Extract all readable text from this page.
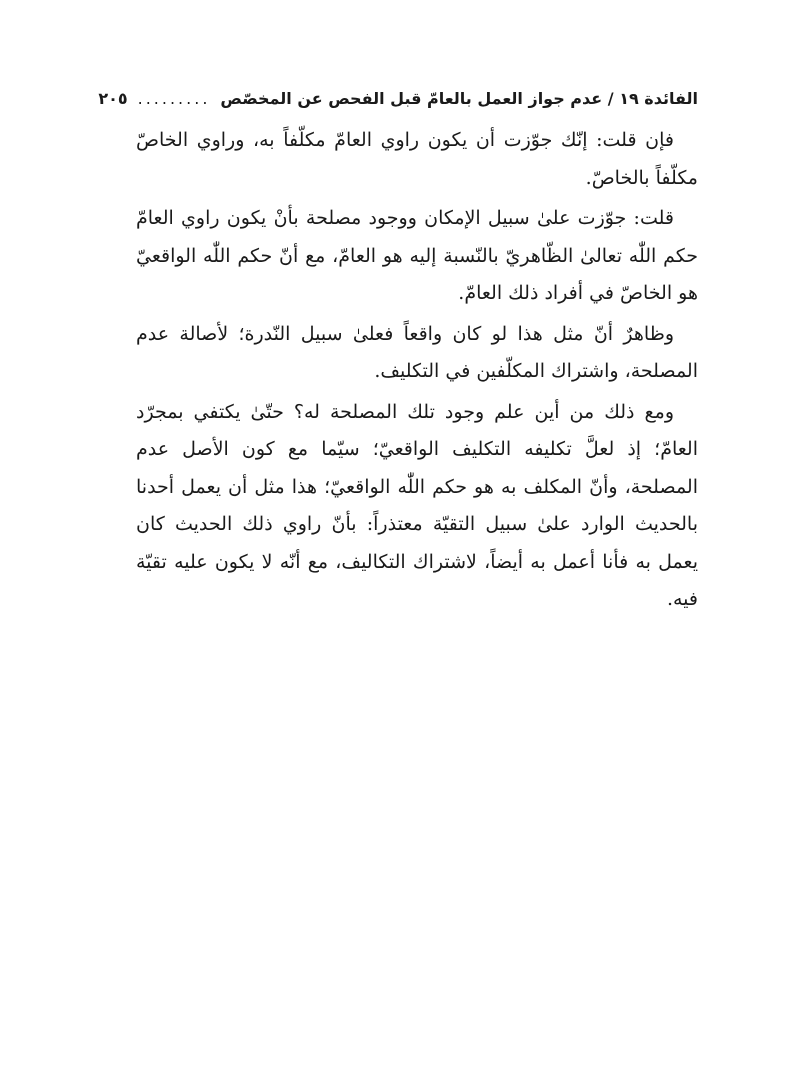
الفائدة ١٩ / عدم جواز العمل بالعامّ قبل الفحص عن المخصّص
.........
٢٠٥

فإن قلت: إنّك جوّزت أن يكون راوي العامّ مكلّفاً به، وراوي الخاصّ مكلّفاً بالخاصّ.

قلت: جوّزت علىٰ سبيل الإمكان ووجود مصلحة بأنْ يكون راوي العامّ حكم اللّٰه تعالىٰ الظّاهريّ بالنّسبة إليه هو العامّ، مع أنّ حكم اللّٰه الواقعيّ هو الخاصّ في أفراد ذلك العامّ.

وظاهرٌ أنّ مثل هذا لو كان واقعاً فعلىٰ سبيل النّدرة؛ لأصالة عدم المصلحة، واشتراك المكلّفين في التكليف.

ومع ذلك من أين علم وجود تلك المصلحة له؟ حتّىٰ يكتفي بمجرّد العامّ؛ إذ لعلَّ تكليفه التكليف الواقعيّ؛ سيّما مع كون الأصل عدم المصلحة، وأنّ المكلف به هو حكم اللّٰه الواقعيّ؛ هذا مثل أن يعمل أحدنا بالحديث الوارد علىٰ سبيل التقيّة معتذراً: بأنّ راوي ذلك الحديث كان يعمل به فأنا أعمل به أيضاً، لاشتراك التكاليف، مع أنّه لا يكون عليه تقيّة فيه.
